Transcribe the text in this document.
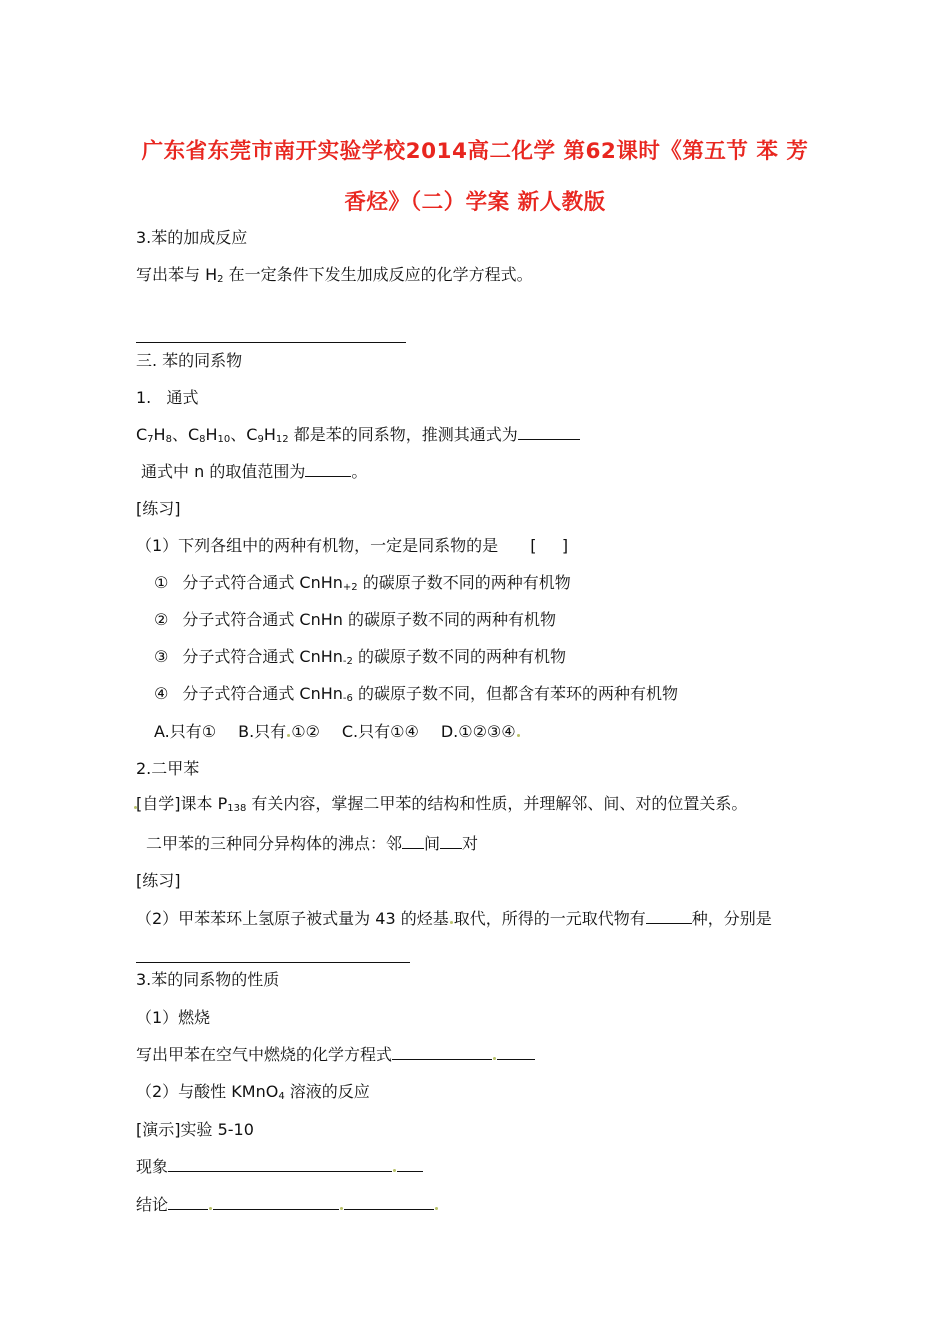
广东省东莞市南开实验学校2014高二化学 第62课时《第五节 苯 芳
香烃》（二）学案 新人教版
3.苯的加成反应
写出苯与 $H_2$ 在一定条件下发生加成反应的化学方程式。
三. 苯的同系物
1.   通式
$C_7H_8$、$C_8H_{10}$、$C_9H_{12}$ 都是苯的同系物，推测其通式为
通式中 n 的取值范围为	。
[练习]
（1）下列各组中的两种有机物，一定是同系物的是 [     ]
① 分子式符合通式 CnHn$_{+2}$ 的碳原子数不同的两种有机物
② 分子式符合通式 CnHn 的碳原子数不同的两种有机物
③ 分子式符合通式 CnHn$_{-2}$ 的碳原子数不同的两种有机物
④ 分子式符合通式 CnHn$_{-6}$ 的碳原子数不同，但都含有苯环的两种有机物
A.只有① B.只有 ①② C.只有①④ D.①②③④
2.二甲苯
[自学]课本 $P_{138}$ 有关内容，掌握二甲苯的结构和性质，并理解邻、间、对的位置关系。
二甲苯的三种同分异构体的沸点：邻 间 对
[练习]
（2）甲苯苯环上氢原子被式量为 43 的烃基 取代，所得的一元取代物有	种，分别是
3.苯的同系物的性质
（1）燃烧
写出甲苯在空气中燃烧的化学方程式
（2）与酸性 KMnO$_4$ 溶液的反应
[演示]实验 5-10
现象
结论
